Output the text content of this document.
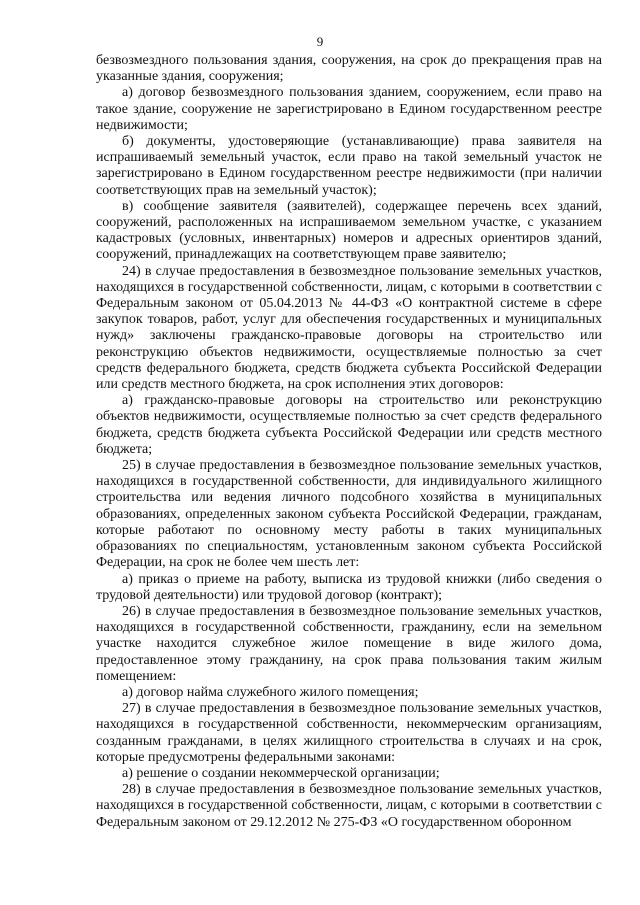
9

безвозмездного пользования здания, сооружения, на срок до прекращения прав на указанные здания, сооружения;

а) договор безвозмездного пользования зданием, сооружением, если право на такое здание, сооружение не зарегистрировано в Едином государственном реестре недвижимости;

б) документы, удостоверяющие (устанавливающие) права заявителя на испрашиваемый земельный участок, если право на такой земельный участок не зарегистрировано в Едином государственном реестре недвижимости (при наличии соответствующих прав на земельный участок);

в) сообщение заявителя (заявителей), содержащее перечень всех зданий, сооружений, расположенных на испрашиваемом земельном участке, с указанием кадастровых (условных, инвентарных) номеров и адресных ориентиров зданий, сооружений, принадлежащих на соответствующем праве заявителю;

24) в случае предоставления в безвозмездное пользование земельных участков, находящихся в государственной собственности, лицам, с которыми в соответствии с Федеральным законом от 05.04.2013 № 44-ФЗ «О контрактной системе в сфере закупок товаров, работ, услуг для обеспечения государственных и муниципальных нужд» заключены гражданско-правовые договоры на строительство или реконструкцию объектов недвижимости, осуществляемые полностью за счет средств федерального бюджета, средств бюджета субъекта Российской Федерации или средств местного бюджета, на срок исполнения этих договоров:

а) гражданско-правовые договоры на строительство или реконструкцию объектов недвижимости, осуществляемые полностью за счет средств федерального бюджета, средств бюджета субъекта Российской Федерации или средств местного бюджета;

25) в случае предоставления в безвозмездное пользование земельных участков, находящихся в государственной собственности, для индивидуального жилищного строительства или ведения личного подсобного хозяйства в муниципальных образованиях, определенных законом субъекта Российской Федерации, гражданам, которые работают по основному месту работы в таких муниципальных образованиях по специальностям, установленным законом субъекта Российской Федерации, на срок не более чем шесть лет:

а) приказ о приеме на работу, выписка из трудовой книжки (либо сведения о трудовой деятельности) или трудовой договор (контракт);

26) в случае предоставления в безвозмездное пользование земельных участков, находящихся в государственной собственности, гражданину, если на земельном участке находится служебное жилое помещение в виде жилого дома, предоставленное этому гражданину, на срок права пользования таким жилым помещением:

а) договор найма служебного жилого помещения;

27) в случае предоставления в безвозмездное пользование земельных участков, находящихся в государственной собственности, некоммерческим организациям, созданным гражданами, в целях жилищного строительства в случаях и на срок, которые предусмотрены федеральными законами:

а) решение о создании некоммерческой организации;

28) в случае предоставления в безвозмездное пользование земельных участков, находящихся в государственной собственности, лицам, с которыми в соответствии с Федеральным законом от 29.12.2012 № 275-ФЗ «О государственном оборонном
